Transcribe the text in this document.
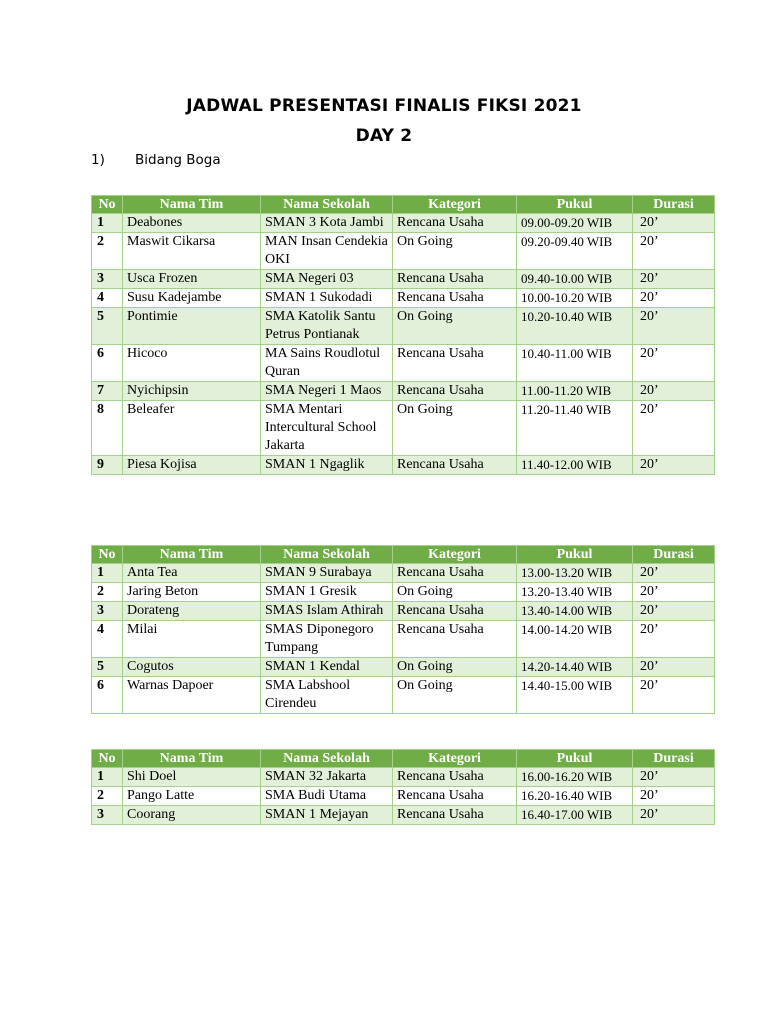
JADWAL PRESENTASI FINALIS FIKSI 2021
DAY 2
1) Bidang Boga
No	Nama Tim	Nama Sekolah	Kategori	Pukul	Durasi
1	Deabones	SMAN 3 Kota Jambi	Rencana Usaha	09.00-09.20 WIB	20’
2	Maswit Cikarsa	MAN Insan Cendekia OKI	On Going	09.20-09.40 WIB	20’
3	Usca Frozen	SMA Negeri 03	Rencana Usaha	09.40-10.00 WIB	20’
4	Susu Kadejambe	SMAN 1 Sukodadi	Rencana Usaha	10.00-10.20 WIB	20’
5	Pontimie	SMA Katolik Santu Petrus Pontianak	On Going	10.20-10.40 WIB	20’
6	Hicoco	MA Sains Roudlotul Quran	Rencana Usaha	10.40-11.00 WIB	20’
7	Nyichipsin	SMA Negeri 1 Maos	Rencana Usaha	11.00-11.20 WIB	20’
8	Beleafer	SMA Mentari Intercultural School Jakarta	On Going	11.20-11.40 WIB	20’
9	Piesa Kojisa	SMAN 1 Ngaglik	Rencana Usaha	11.40-12.00 WIB	20’
No	Nama Tim	Nama Sekolah	Kategori	Pukul	Durasi
1	Anta Tea	SMAN 9 Surabaya	Rencana Usaha	13.00-13.20 WIB	20’
2	Jaring Beton	SMAN 1 Gresik	On Going	13.20-13.40 WIB	20’
3	Dorateng	SMAS Islam Athirah	Rencana Usaha	13.40-14.00 WIB	20’
4	Milai	SMAS Diponegoro Tumpang	Rencana Usaha	14.00-14.20 WIB	20’
5	Cogutos	SMAN 1 Kendal	On Going	14.20-14.40 WIB	20’
6	Warnas Dapoer	SMA Labshool Cirendeu	On Going	14.40-15.00 WIB	20’
No	Nama Tim	Nama Sekolah	Kategori	Pukul	Durasi
1	Shi Doel	SMAN 32 Jakarta	Rencana Usaha	16.00-16.20 WIB	20’
2	Pango Latte	SMA Budi Utama	Rencana Usaha	16.20-16.40 WIB	20’
3	Coorang	SMAN 1 Mejayan	Rencana Usaha	16.40-17.00 WIB	20’
